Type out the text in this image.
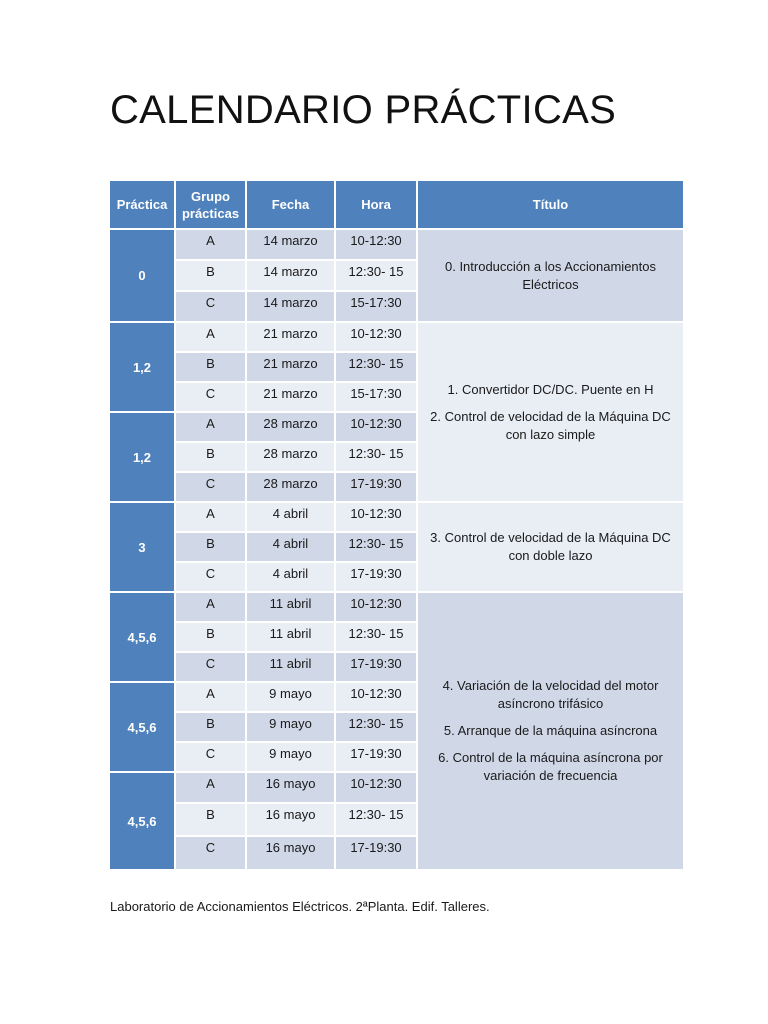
CALENDARIO PRÁCTICAS
Práctica	Grupo prácticas	Fecha	Hora	Título
0	A	14 marzo	10-12:30	0. Introducción a los Accionamientos Eléctricos

	B	14 marzo	12:30- 15	
	C	14 marzo	15-17:30	
1,2	A	21 marzo	10-12:30	1. Convertidor DC/DC. Puente en H
2. Control de velocidad de la Máquina DC con lazo simple

	B	21 marzo	12:30- 15	
	C	21 marzo	15-17:30	
1,2	A	28 marzo	10-12:30	
	B	28 marzo	12:30- 15	
	C	28 marzo	17-19:30	
3	A	4 abril	10-12:30	3. Control de velocidad de la Máquina DC con doble lazo

	B	4 abril	12:30- 15	
	C	4 abril	17-19:30	
4,5,6	A	11 abril	10-12:30	4. Variación de la velocidad del motor asíncrono trifásico
5. Arranque de la máquina asíncrona
6. Control de la máquina asíncrona por variación de frecuencia

	B	11 abril	12:30- 15	
	C	11 abril	17-19:30	
4,5,6	A	9 mayo	10-12:30	
	B	9 mayo	12:30- 15	
	C	9 mayo	17-19:30	
4,5,6	A	16 mayo	10-12:30	
	B	16 mayo	12:30- 15	
	C	16 mayo	17-19:30	
Laboratorio de Accionamientos Eléctricos. 2ªPlanta. Edif. Talleres.
